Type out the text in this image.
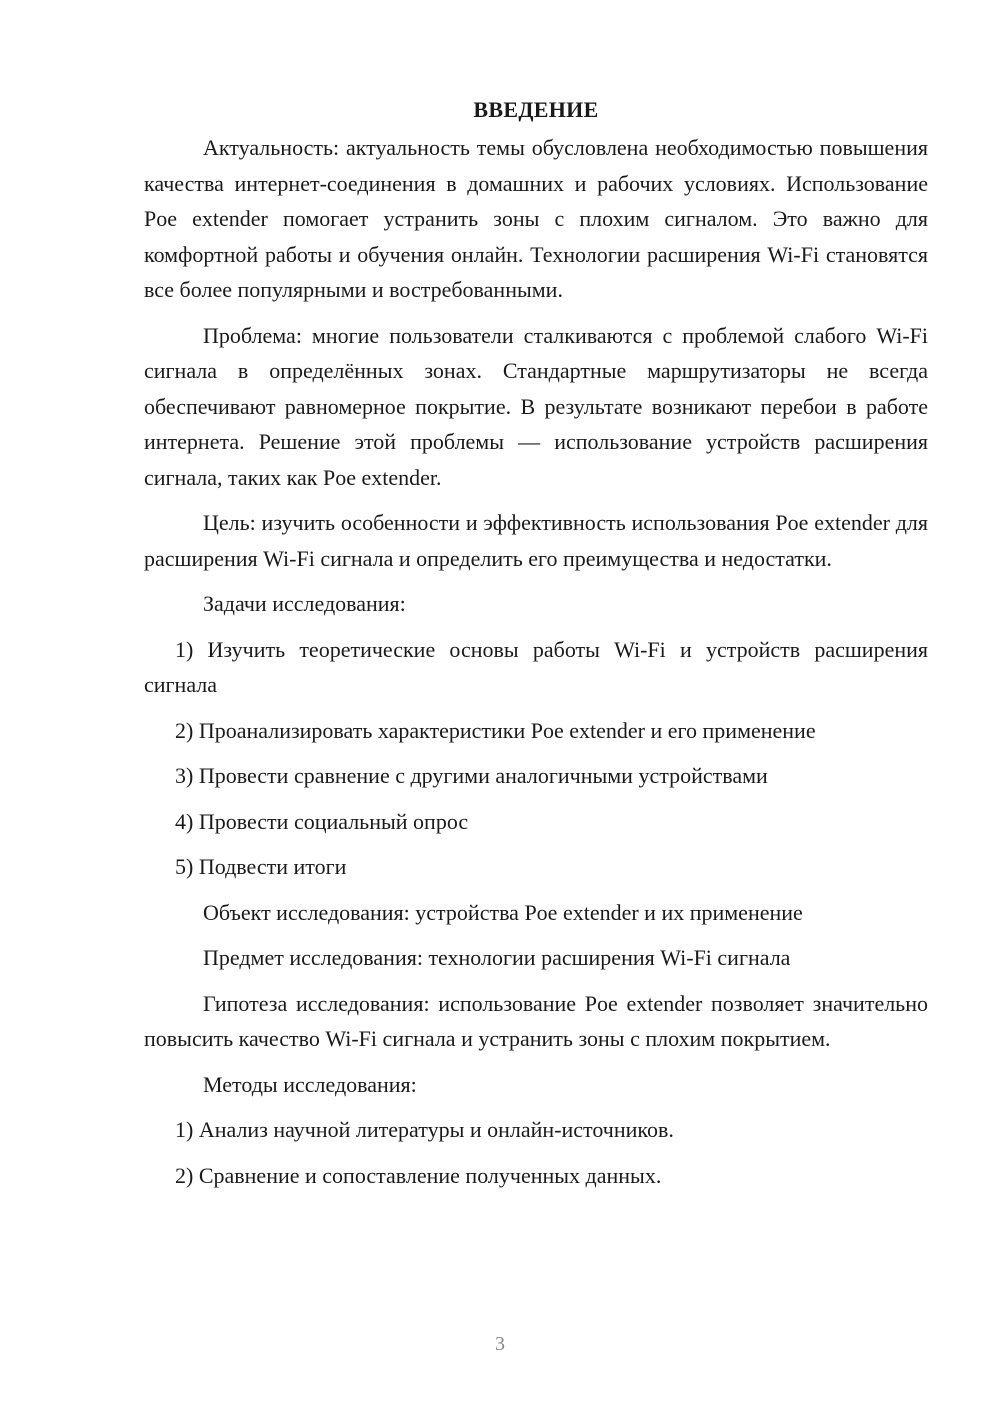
ВВЕДЕНИЕ

Актуальность: актуальность темы обусловлена необходимостью повышения качества интернет-соединения в домашних и рабочих условиях. Использование Poe extender помогает устранить зоны с плохим сигналом. Это важно для комфортной работы и обучения онлайн. Технологии расширения Wi-Fi становятся все более популярными и востребованными.

Проблема: многие пользователи сталкиваются с проблемой слабого Wi-Fi сигнала в определённых зонах. Стандартные маршрутизаторы не всегда обеспечивают равномерное покрытие. В результате возникают перебои в работе интернета. Решение этой проблемы — использование устройств расширения сигнала, таких как Poe extender.

Цель: изучить особенности и эффективность использования Poe extender для расширения Wi-Fi сигнала и определить его преимущества и недостатки.

Задачи исследования:

1) Изучить теоретические основы работы Wi-Fi и устройств расширения сигнала

2) Проанализировать характеристики Poe extender и его применение

3) Провести сравнение с другими аналогичными устройствами

4) Провести социальный опрос

5) Подвести итоги

Объект исследования: устройства Poe extender и их применение

Предмет исследования: технологии расширения Wi-Fi сигнала

Гипотеза исследования: использование Poe extender позволяет значительно повысить качество Wi-Fi сигнала и устранить зоны с плохим покрытием.

Методы исследования:

1) Анализ научной литературы и онлайн-источников.

2) Сравнение и сопоставление полученных данных.

3
